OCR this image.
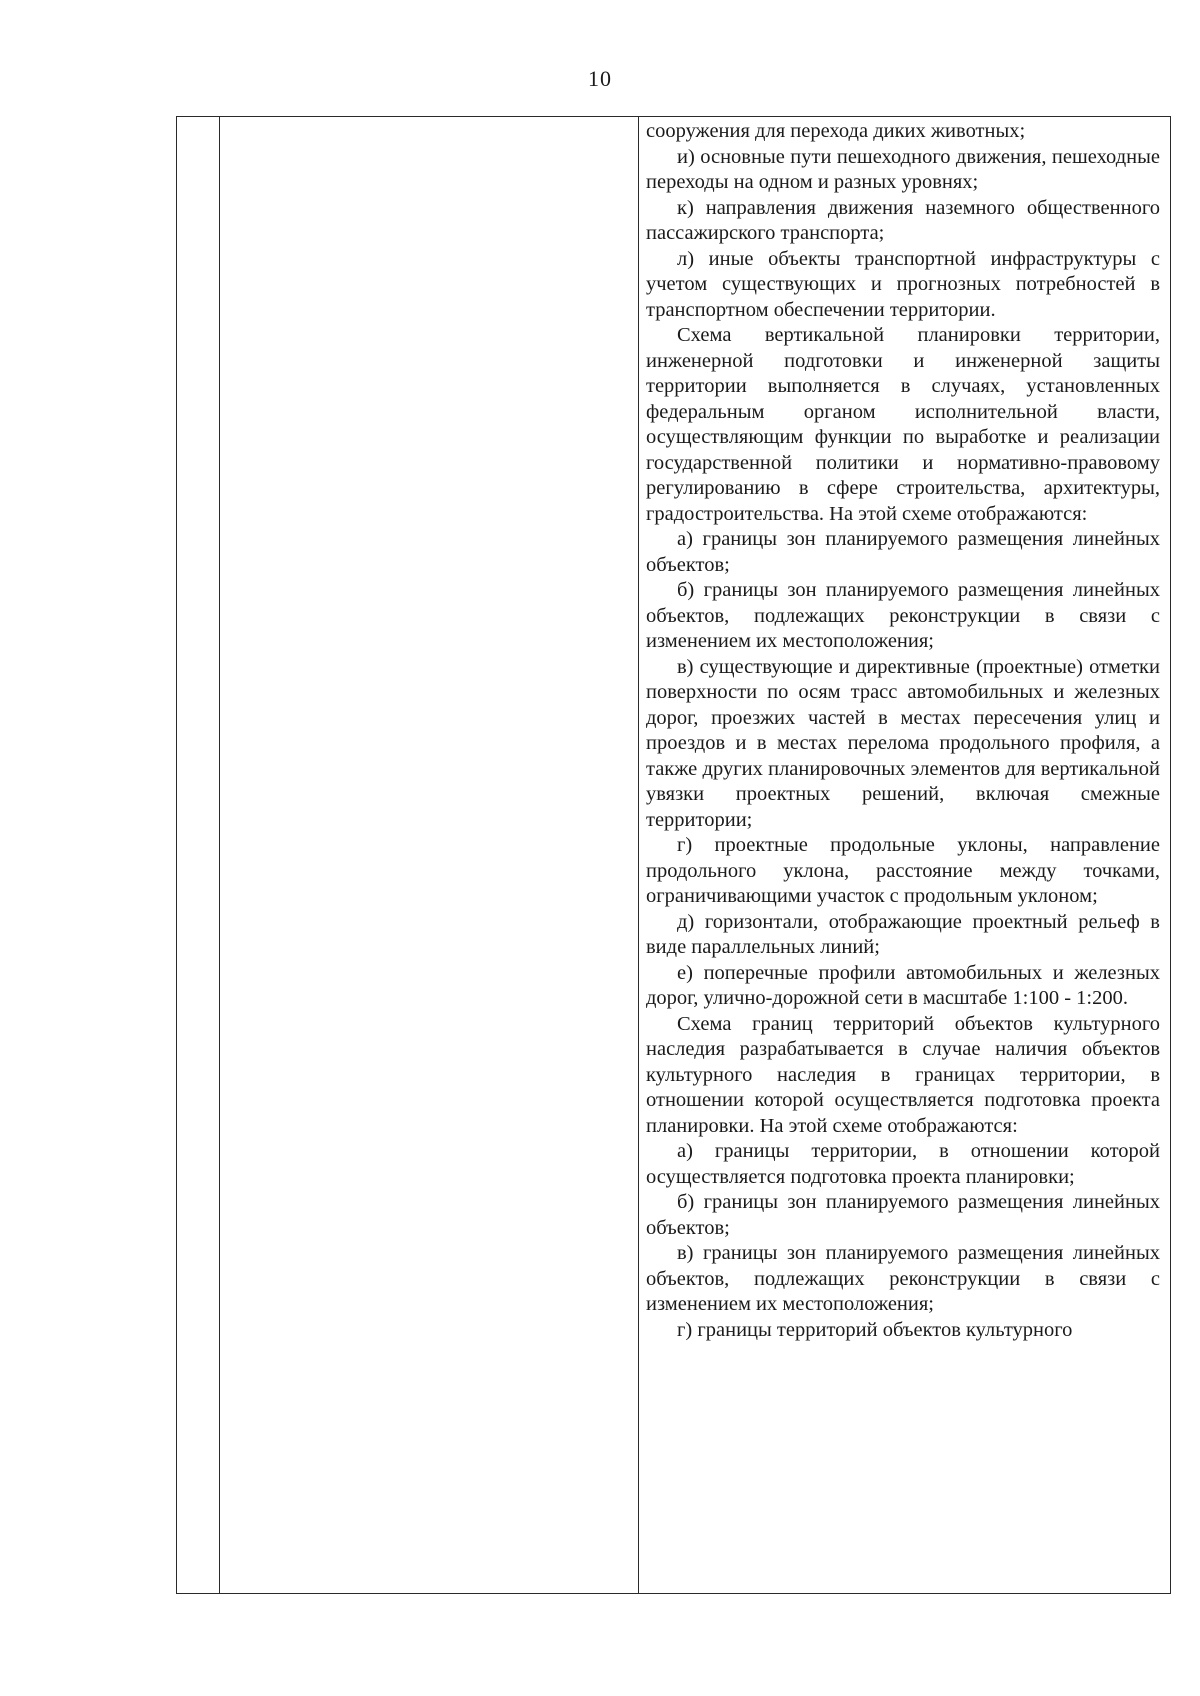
10

сооружения для перехода диких животных;

и) основные пути пешеходного движения, пешеходные переходы на одном и разных уровнях;

к) направления движения наземного общественного пассажирского транспорта;

л) иные объекты транспортной инфраструктуры с учетом существующих и прогнозных потребностей в транспортном обеспечении территории.

Схема вертикальной планировки территории, инженерной подготовки и инженерной защиты территории выполняется в случаях, установленных федеральным органом исполнительной власти, осуществляющим функции по выработке и реализации государственной политики и нормативно-правовому регулированию в сфере строительства, архитектуры, градостроительства. На этой схеме отображаются:

а) границы зон планируемого размещения линейных объектов;

б) границы зон планируемого размещения линейных объектов, подлежащих реконструкции в связи с изменением их местоположения;

в) существующие и директивные (проектные) отметки поверхности по осям трасс автомобильных и железных дорог, проезжих частей в местах пересечения улиц и проездов и в местах перелома продольного профиля, а также других планировочных элементов для вертикальной увязки проектных решений, включая смежные территории;

г) проектные продольные уклоны, направление продольного уклона, расстояние между точками, ограничивающими участок с продольным уклоном;

д) горизонтали, отображающие проектный рельеф в виде параллельных линий;

е) поперечные профили автомобильных и железных дорог, улично-дорожной сети в масштабе 1:100 - 1:200.

Схема границ территорий объектов культурного наследия разрабатывается в случае наличия объектов культурного наследия в границах территории, в отношении которой осуществляется подготовка проекта планировки. На этой схеме отображаются:

а) границы территории, в отношении которой осуществляется подготовка проекта планировки;

б) границы зон планируемого размещения линейных объектов;

в) границы зон планируемого размещения линейных объектов, подлежащих реконструкции в связи с изменением их местоположения;

г) границы территорий объектов культурного
